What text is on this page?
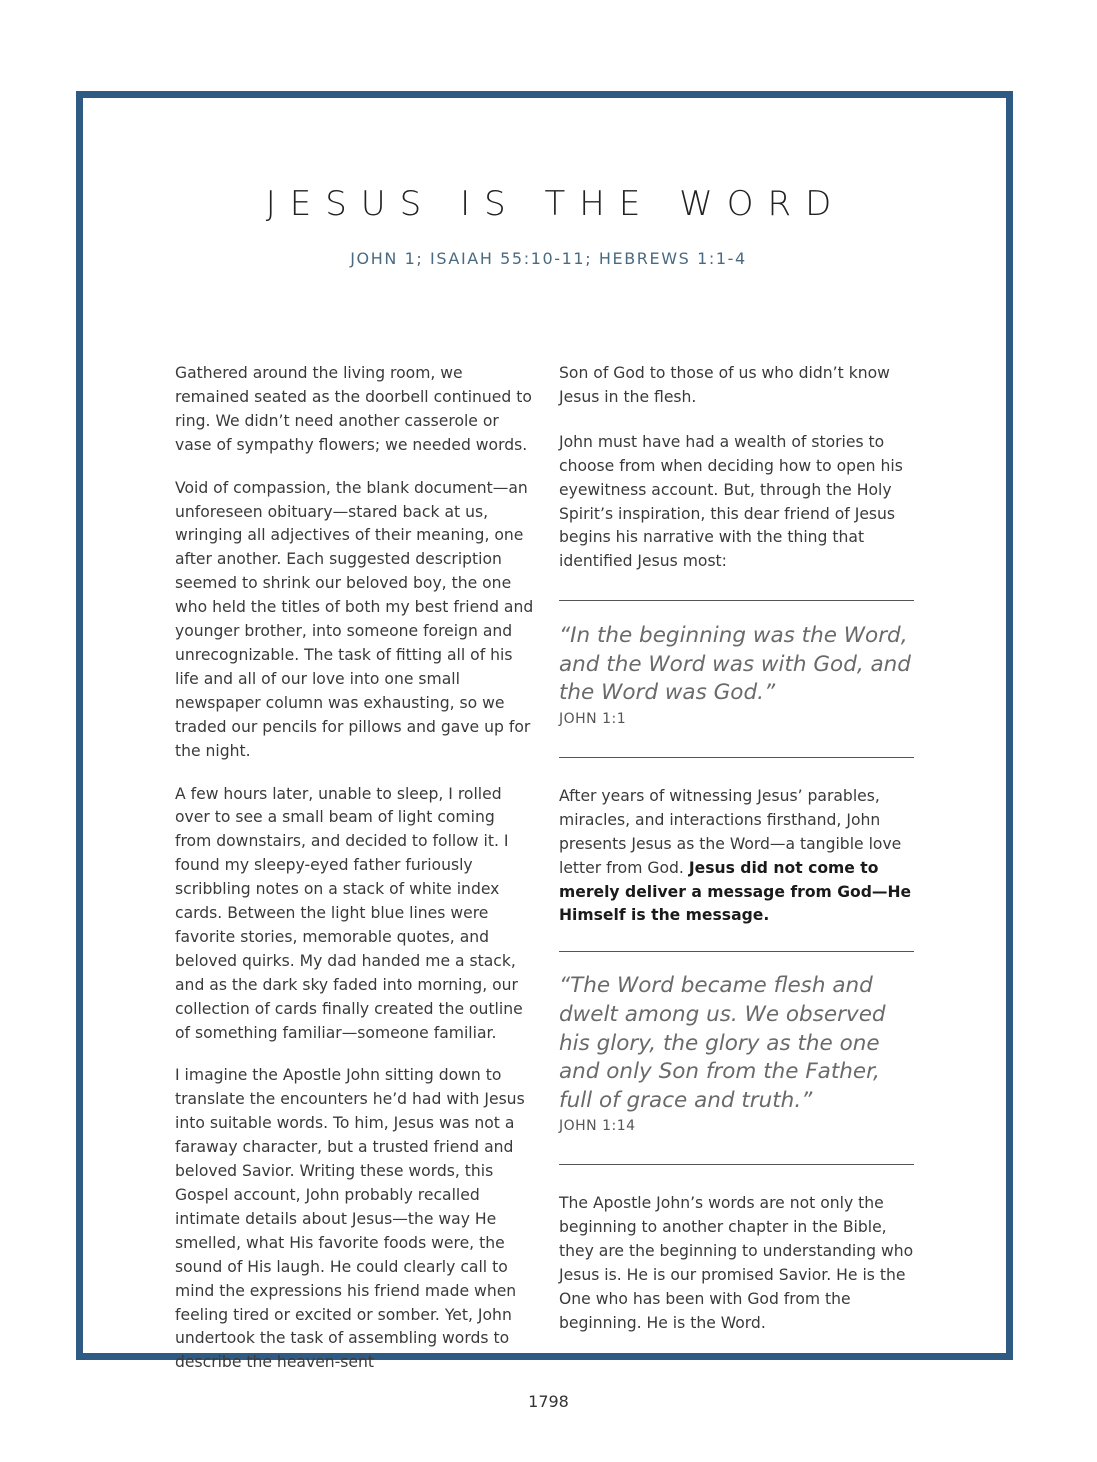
JESUS IS THE WORD
JOHN 1; ISAIAH 55:10-11; HEBREWS 1:1-4

Gathered around the living room, we remained seated as the doorbell continued to ring. We didn’t need another casserole or vase of sympathy flowers; we needed words.

Void of compassion, the blank document—an unforeseen obituary—stared back at us, wringing all adjectives of their meaning, one after another. Each suggested description seemed to shrink our beloved boy, the one who held the titles of both my best friend and younger brother, into someone foreign and unrecognizable. The task of fitting all of his life and all of our love into one small newspaper column was exhausting, so we traded our pencils for pillows and gave up for the night.

A few hours later, unable to sleep, I rolled over to see a small beam of light coming from downstairs, and decided to follow it. I found my sleepy-eyed father furiously scribbling notes on a stack of white index cards. Between the light blue lines were favorite stories, memorable quotes, and beloved quirks. My dad handed me a stack, and as the dark sky faded into morning, our collection of cards finally created the outline of something familiar—someone familiar.

I imagine the Apostle John sitting down to translate the encounters he’d had with Jesus into suitable words. To him, Jesus was not a faraway character, but a trusted friend and beloved Savior. Writing these words, this Gospel account, John probably recalled intimate details about Jesus—the way He smelled, what His favorite foods were, the sound of His laugh. He could clearly call to mind the expressions his friend made when feeling tired or excited or somber. Yet, John undertook the task of assembling words to describe the heaven-sent

Son of God to those of us who didn’t know Jesus in the flesh.

John must have had a wealth of stories to choose from when deciding how to open his eyewitness account. But, through the Holy Spirit’s inspiration, this dear friend of Jesus begins his narrative with the thing that identified Jesus most:

“In the beginning was the Word, and the Word was with God, and the Word was God.”

JOHN 1:1

After years of witnessing Jesus’ parables, miracles, and interactions firsthand, John presents Jesus as the Word—a tangible love letter from God. Jesus did not come to merely deliver a message from God—He Himself is the message.

“The Word became flesh and dwelt among us. We observed his glory, the glory as the one and only Son from the Father, full of grace and truth.”

JOHN 1:14

The Apostle John’s words are not only the beginning to another chapter in the Bible, they are the beginning to understanding who Jesus is. He is our promised Savior. He is the One who has been with God from the beginning. He is the Word.

1798
